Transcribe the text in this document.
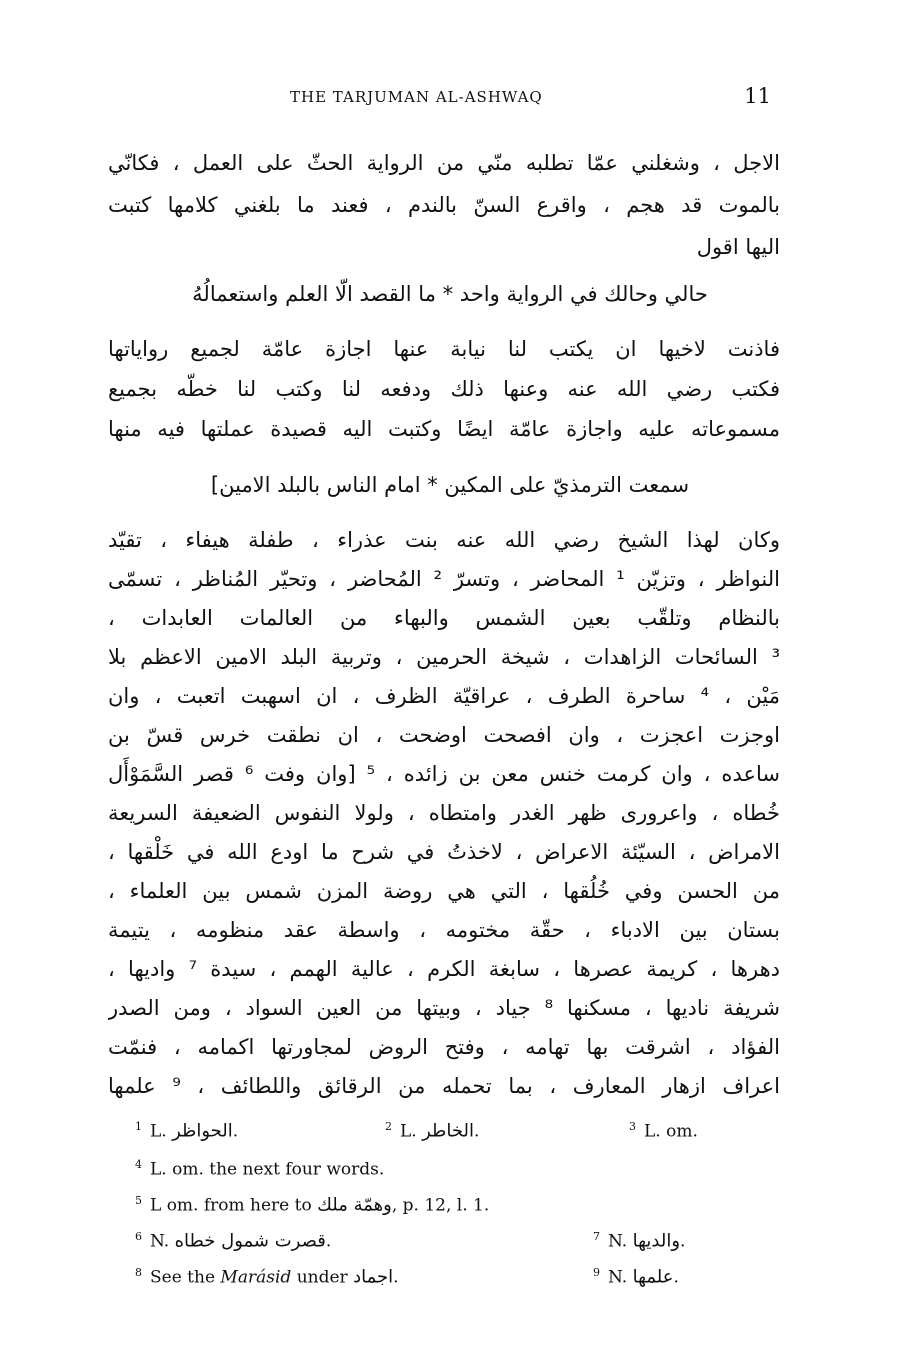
THE TARJUMAN AL-ASHWAQ	11
الاجل ، وشغلني عمّا تطلبه منّي من الرواية الحثّ على العمل ، فكانّي
بالموت قد هجم ، واقرع السنّ بالندم ، فعند ما بلغني كلامها كتبت
اليها اقول
حالي وحالك في الرواية واحد * ما القصد الّا العلم واستعمالُهُ
فاذنت لاخيها ان يكتب لنا نيابة عنها اجازة عامّة لجميع رواياتها
فكتب رضي الله عنه وعنها ذلك ودفعه لنا وكتب لنا خطّه بجميع
مسموعاته عليه واجازة عامّة ايضًا وكتبت اليه قصيدة عملتها فيه منها
سمعت الترمذيّ على المكين * امام الناس بالبلد الامين]
وكان لهذا الشيخ رضي الله عنه بنت عذراء ، طفلة هيفاء ، تقيّد
النواظر ، وتزيّن ¹ المحاضر ، وتسرّ ² المُحاضر ، وتحيّر المُناظر ، تسمّى
بالنظام وتلقّب بعين الشمس والبهاء من العالمات العابدات ،
³ السائحات الزاهدات ، شيخة الحرمين ، وتربية البلد الامين الاعظم بلا
مَيْن ، ⁴ ساحرة الطرف ، عراقيّة الظرف ، ان اسهبت اتعبت ، وان
اوجزت اعجزت ، وان افصحت اوضحت ، ان نطقت خرس قسّ بن
ساعده ، وان كرمت خنس معن بن زائده ، ⁵ [وان وفت ⁶ قصر السَّمَوْأَل
خُطاه ، واعرورى ظهر الغدر وامتطاه ، ولولا النفوس الضعيفة السريعة
الامراض ، السيّئة الاعراض ، لاخذتُ في شرح ما اودع الله في خَلْقها ،
من الحسن وفي خُلُقها ، التي هي روضة المزن شمس بين العلماء ،
بستان بين الادباء ، حقّة مختومه ، واسطة عقد منظومه ، يتيمة
دهرها ، كريمة عصرها ، سابغة الكرم ، عالية الهمم ، سيدة ⁷ واديها ،
شريفة ناديها ، مسكنها ⁸ جياد ، وبيتها من العين السواد ، ومن الصدر
الفؤاد ، اشرقت بها تهامه ، وفتح الروض لمجاورتها اكمامه ، فنمّت
اعراف ازهار المعارف ، بما تحمله من الرقائق واللطائف ، ⁹ علمها
$^1$ L. الحواظر.	$^2$ L. الخاطر.	$^3$ L. om.
$^4$ L. om. the next four words.
$^5$ L om. from here to وهمّة ملك, p. 12, l. 1.
$^6$ N. قصرت شمول خطاه.	$^7$ N. والديها.
$^8$ See the Marásid under اجماد.	$^9$ N. علمها.
